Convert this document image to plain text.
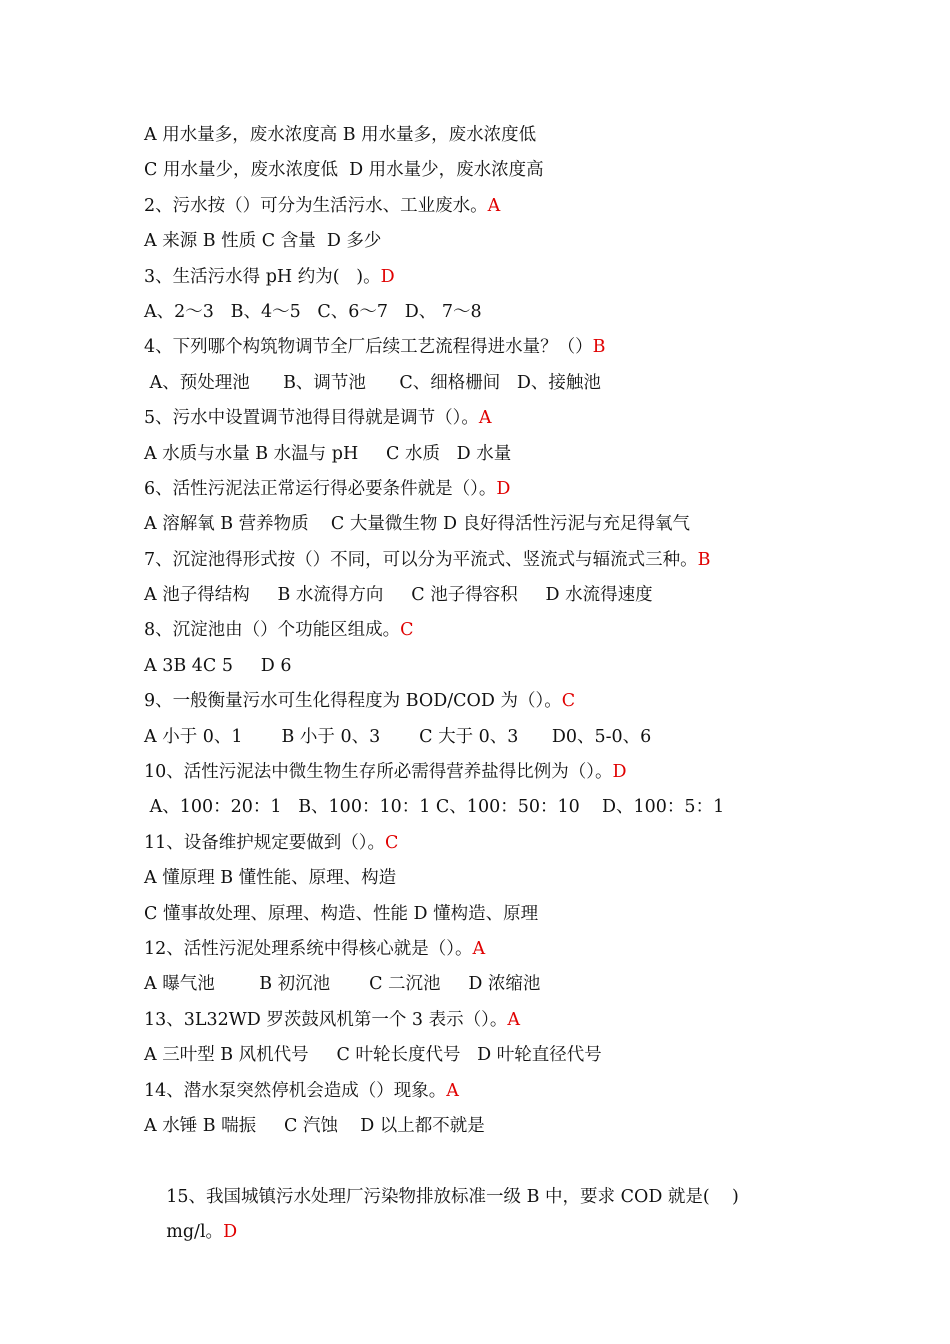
A 用水量多，废水浓度高 B 用水量多，废水浓度低
C 用水量少，废水浓度低  D 用水量少，废水浓度高
2、污水按（）可分为生活污水、工业废水。A
A 来源 B 性质 C 含量  D 多少
3、生活污水得 pH 约为(   )。D
A、2～3   B、4～5   C、6～7   D、 7～8
4、下列哪个构筑物调节全厂后续工艺流程得进水量？（）B
A、预处理池      B、调节池      C、细格栅间   D、接触池
5、污水中设置调节池得目得就是调节（）。A
A 水质与水量 B 水温与 pH     C 水质   D 水量
6、活性污泥法正常运行得必要条件就是（）。D
A 溶解氧 B 营养物质    C 大量微生物 D 良好得活性污泥与充足得氧气
7、沉淀池得形式按（）不同，可以分为平流式、竖流式与辐流式三种。B
A 池子得结构     B 水流得方向     C 池子得容积     D 水流得速度
8、沉淀池由（）个功能区组成。C
A 3B 4C 5     D 6
9、一般衡量污水可生化得程度为 BOD/COD 为（）。C
A 小于 0、1       B 小于 0、3       C 大于 0、3      D0、5-0、6
10、活性污泥法中微生物生存所必需得营养盐得比例为（）。D
A、100：20：1   B、100：10：1 C、100：50：10    D、100：5：1
11、设备维护规定要做到（）。C
A 懂原理 B 懂性能、原理、构造
C 懂事故处理、原理、构造、性能 D 懂构造、原理
12、活性污泥处理系统中得核心就是（）。A
A 曝气池        B 初沉池       C 二沉池     D 浓缩池
13、3L32WD 罗茨鼓风机第一个 3 表示（）。A
A 三叶型 B 风机代号     C 叶轮长度代号   D 叶轮直径代号
14、潜水泵突然停机会造成（）现象。A
A 水锤 B 喘振     C 汽蚀    D 以上都不就是

15、我国城镇污水处理厂污染物排放标准一级 B 中，要求 COD 就是(    )

mg/l。D
